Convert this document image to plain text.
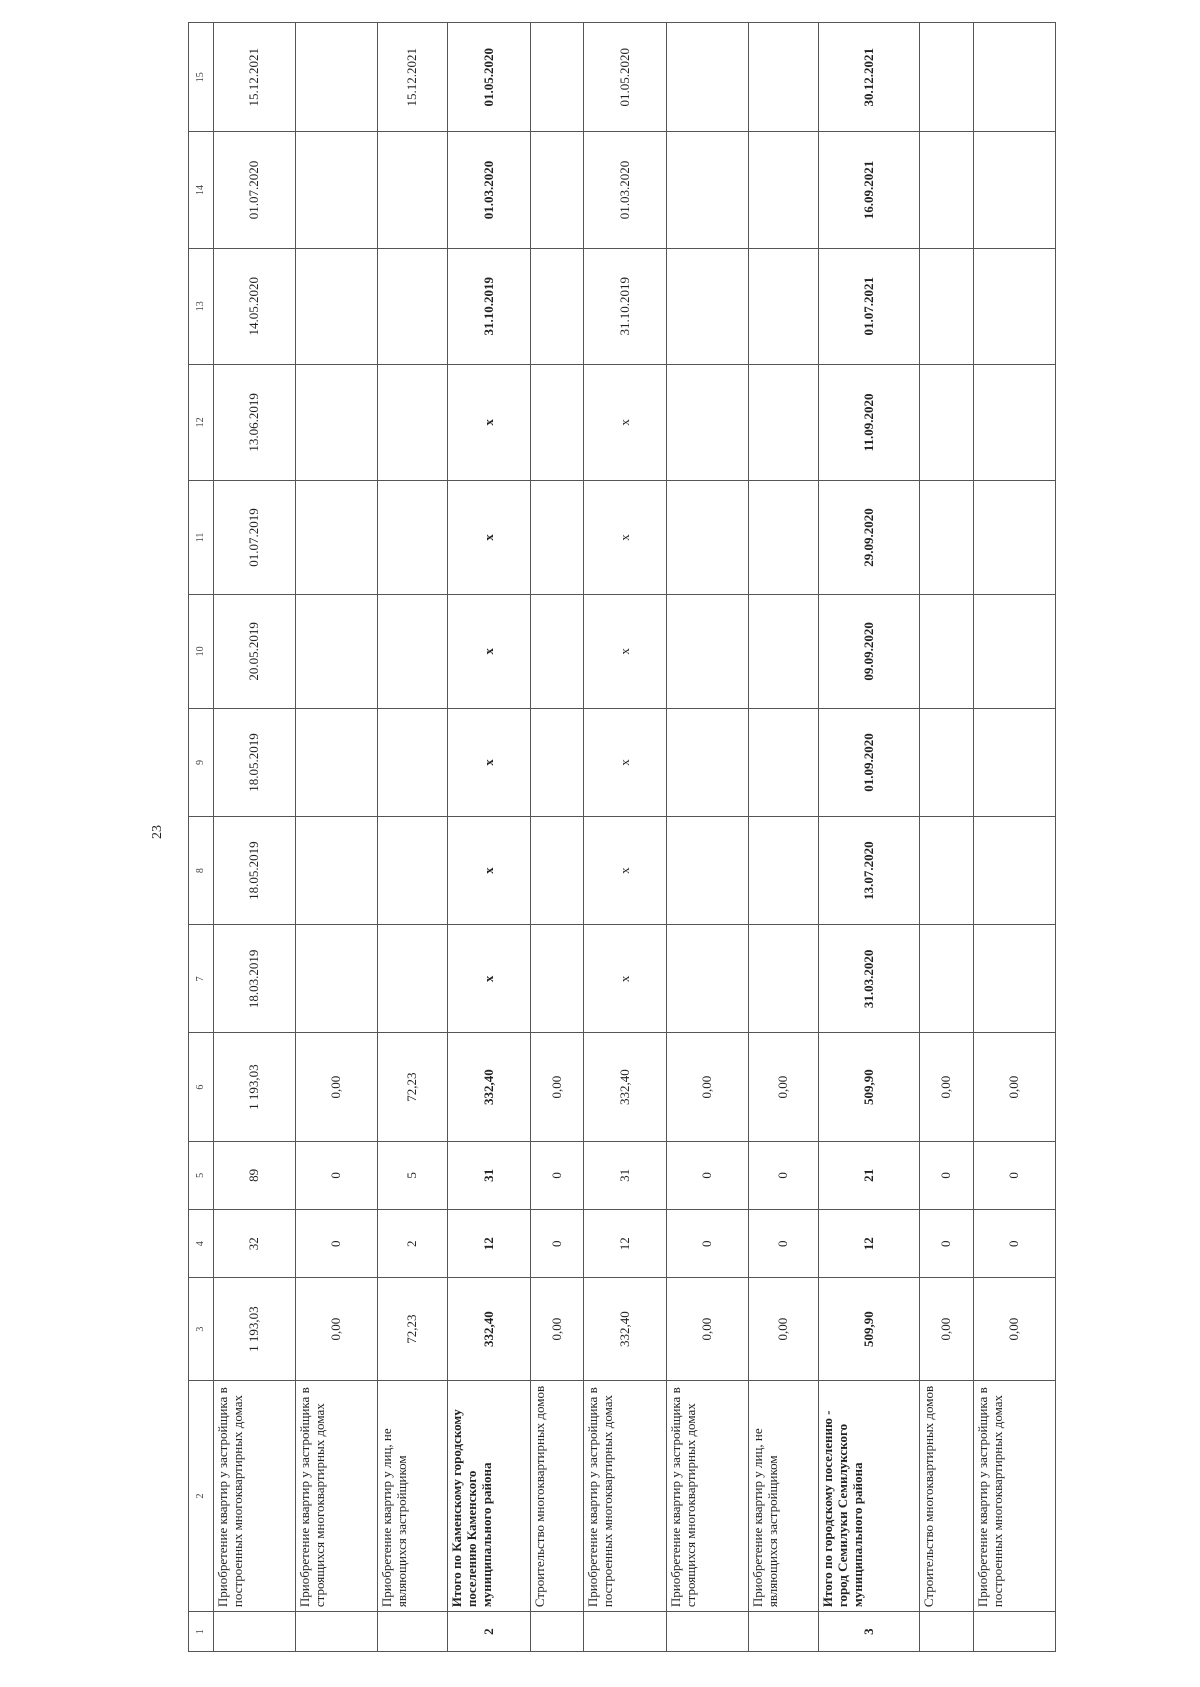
23
1	2	3	4	5	6	7	8	9	10	11	12	13	14	15
	Приобретение квартир у застройщика в построенных многоквартирных домах	1 193,03	32	89	1 193,03	18.03.2019	18.05.2019	18.05.2019	20.05.2019	01.07.2019	13.06.2019	14.05.2020	01.07.2020	15.12.2021
	Приобретение квартир у застройщика в строящихся многоквартирных домах	0,00	0	0	0,00									
	Приобретение квартир у лиц, не являющихся застройщиком	72,23	2	5	72,23									15.12.2021
2	Итого по Каменскому городскому поселению Каменского муниципального района	332,40	12	31	332,40	x	x	x	x	x	x	31.10.2019	01.03.2020	01.05.2020
	Строительство многоквартирных домов	0,00	0	0	0,00									
	Приобретение квартир у застройщика в построенных многоквартирных домах	332,40	12	31	332,40	x	x	x	x	x	x	31.10.2019	01.03.2020	01.05.2020
	Приобретение квартир у застройщика в строящихся многоквартирных домах	0,00	0	0	0,00									
	Приобретение квартир у лиц, не являющихся застройщиком	0,00	0	0	0,00									
3	Итого по городскому поселению - город Семилуки Семилукского муниципального района	509,90	12	21	509,90	31.03.2020	13.07.2020	01.09.2020	09.09.2020	29.09.2020	11.09.2020	01.07.2021	16.09.2021	30.12.2021
	Строительство многоквартирных домов	0,00	0	0	0,00									
	Приобретение квартир у застройщика в построенных многоквартирных домах	0,00	0	0	0,00									
